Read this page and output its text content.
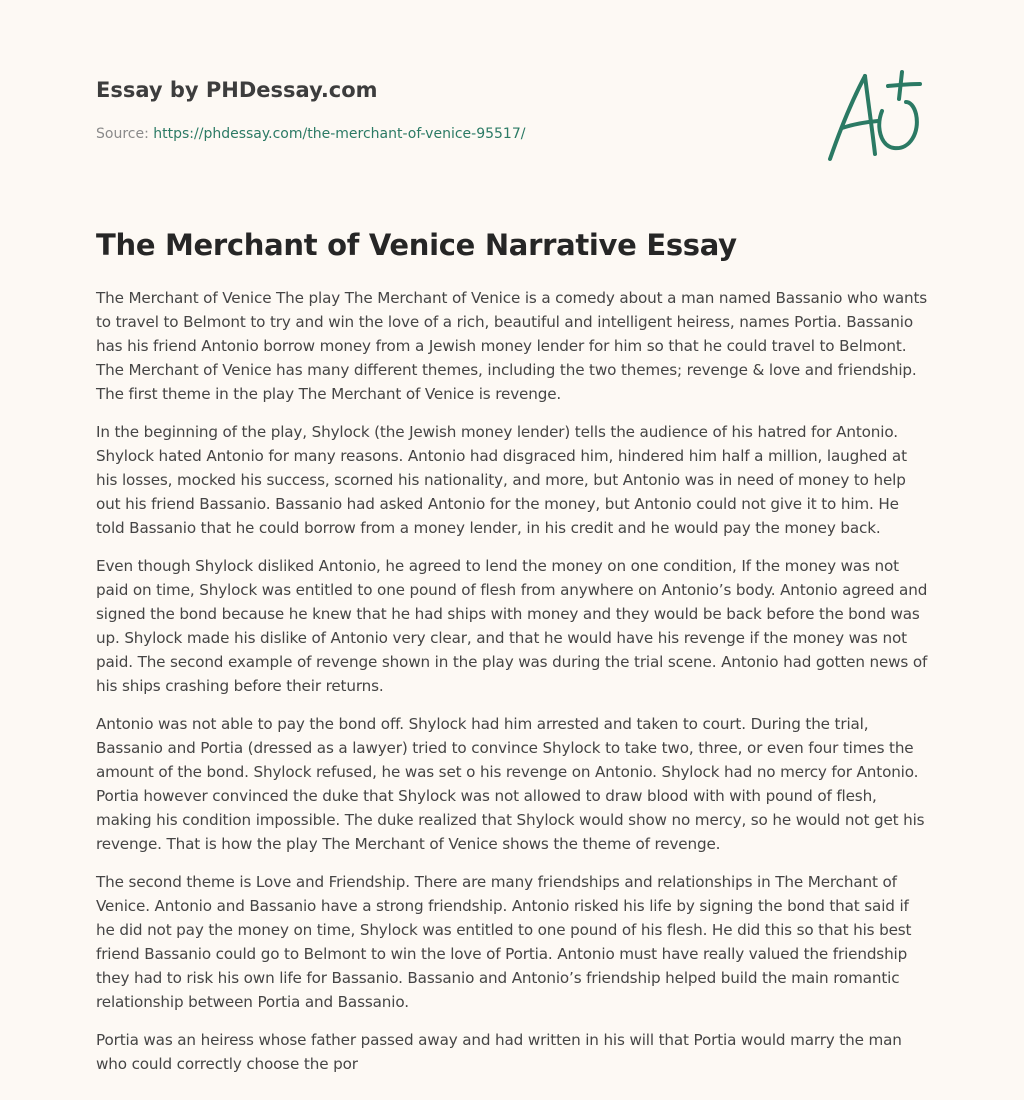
Essay by PHDessay.com
Source: https://phdessay.com/the-merchant-of-venice-95517/
The Merchant of Venice Narrative Essay

The Merchant of Venice The play The Merchant of Venice is a comedy about a man named Bassanio who wants to travel to Belmont to try and win the love of a rich, beautiful and intelligent heiress, names Portia. Bassanio has his friend Antonio borrow money from a Jewish money lender for him so that he could travel to Belmont. The Merchant of Venice has many different themes, including the two themes; revenge & love and friendship. The first theme in the play The Merchant of Venice is revenge.

In the beginning of the play, Shylock (the Jewish money lender) tells the audience of his hatred for Antonio. Shylock hated Antonio for many reasons. Antonio had disgraced him, hindered him half a million, laughed at his losses, mocked his success, scorned his nationality, and more, but Antonio was in need of money to help out his friend Bassanio. Bassanio had asked Antonio for the money, but Antonio could not give it to him. He told Bassanio that he could borrow from a money lender, in his credit and he would pay the money back.

Even though Shylock disliked Antonio, he agreed to lend the money on one condition, If the money was not paid on time, Shylock was entitled to one pound of flesh from anywhere on Antonio’s body. Antonio agreed and signed the bond because he knew that he had ships with money and they would be back before the bond was up. Shylock made his dislike of Antonio very clear, and that he would have his revenge if the money was not paid. The second example of revenge shown in the play was during the trial scene. Antonio had gotten news of his ships crashing before their returns.

Antonio was not able to pay the bond off. Shylock had him arrested and taken to court. During the trial, Bassanio and Portia (dressed as a lawyer) tried to convince Shylock to take two, three, or even four times the amount of the bond. Shylock refused, he was set o his revenge on Antonio. Shylock had no mercy for Antonio. Portia however convinced the duke that Shylock was not allowed to draw blood with with pound of flesh, making his condition impossible. The duke realized that Shylock would show no mercy, so he would not get his revenge. That is how the play The Merchant of Venice shows the theme of revenge.

The second theme is Love and Friendship. There are many friendships and relationships in The Merchant of Venice. Antonio and Bassanio have a strong friendship. Antonio risked his life by signing the bond that said if he did not pay the money on time, Shylock was entitled to one pound of his flesh. He did this so that his best friend Bassanio could go to Belmont to win the love of Portia. Antonio must have really valued the friendship they had to risk his own life for Bassanio. Bassanio and Antonio’s friendship helped build the main romantic relationship between Portia and Bassanio.

Portia was an heiress whose father passed away and had written in his will that Portia would marry the man who could correctly choose the por
